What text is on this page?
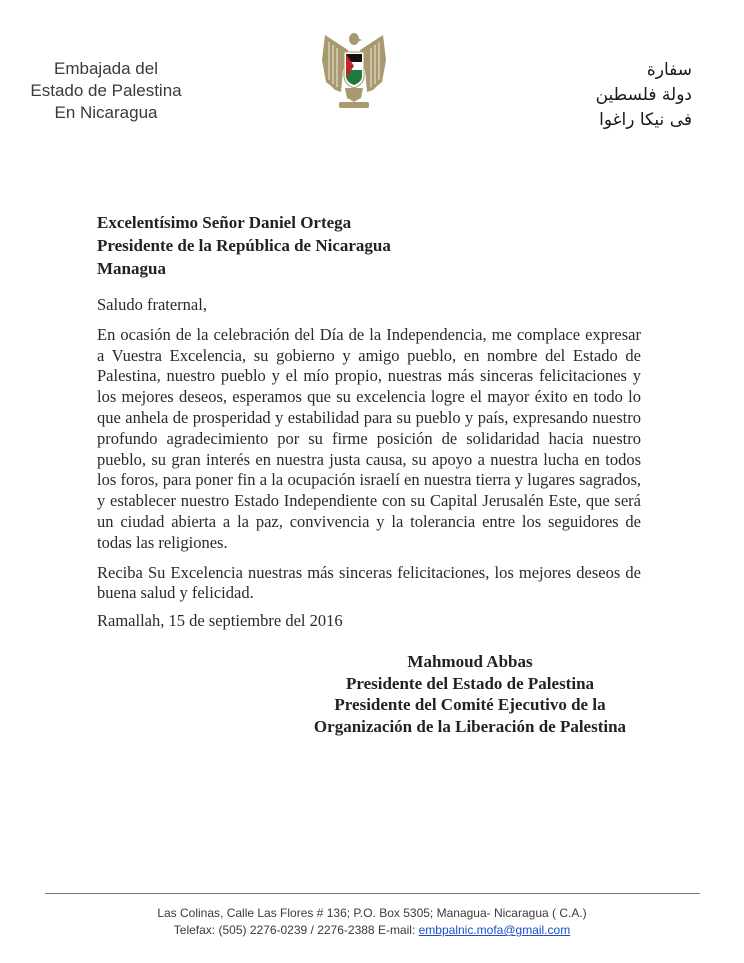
Embajada del
Estado de Palestina
En Nicaragua
سفارة
دولة فلسطين
فى نيكا راغوا
Excelentísimo Señor Daniel Ortega
Presidente de la República de Nicaragua
Managua

Saludo fraternal,

En ocasión de la celebración del Día de la Independencia, me complace expresar a Vuestra Excelencia, su gobierno y amigo pueblo, en nombre del Estado de Palestina, nuestro pueblo y el mío propio, nuestras más sinceras felicitaciones y los mejores deseos, esperamos que su excelencia logre el mayor éxito en todo lo que anhela de prosperidad y estabilidad para su pueblo y país, expresando nuestro profundo agradecimiento por su firme posición de solidaridad hacia nuestro pueblo, su gran interés en nuestra justa causa, su apoyo a nuestra lucha en todos los foros, para poner fin a la ocupación israelí en nuestra tierra y lugares sagrados, y establecer nuestro Estado Independiente con su Capital Jerusalén Este, que será un ciudad abierta a la paz, convivencia y la tolerancia entre los seguidores de todas las religiones.

Reciba Su Excelencia nuestras más sinceras felicitaciones, los mejores deseos de buena salud y felicidad.

Ramallah, 15 de septiembre del 2016
Mahmoud Abbas
Presidente del Estado de Palestina
Presidente del Comité Ejecutivo de la
Organización de la Liberación de Palestina
Las Colinas, Calle Las Flores # 136; P.O. Box 5305; Managua- Nicaragua ( C.A.)
Telefax: (505) 2276-0239 / 2276-2388 E-mail: embpalnic.mofa@gmail.com
